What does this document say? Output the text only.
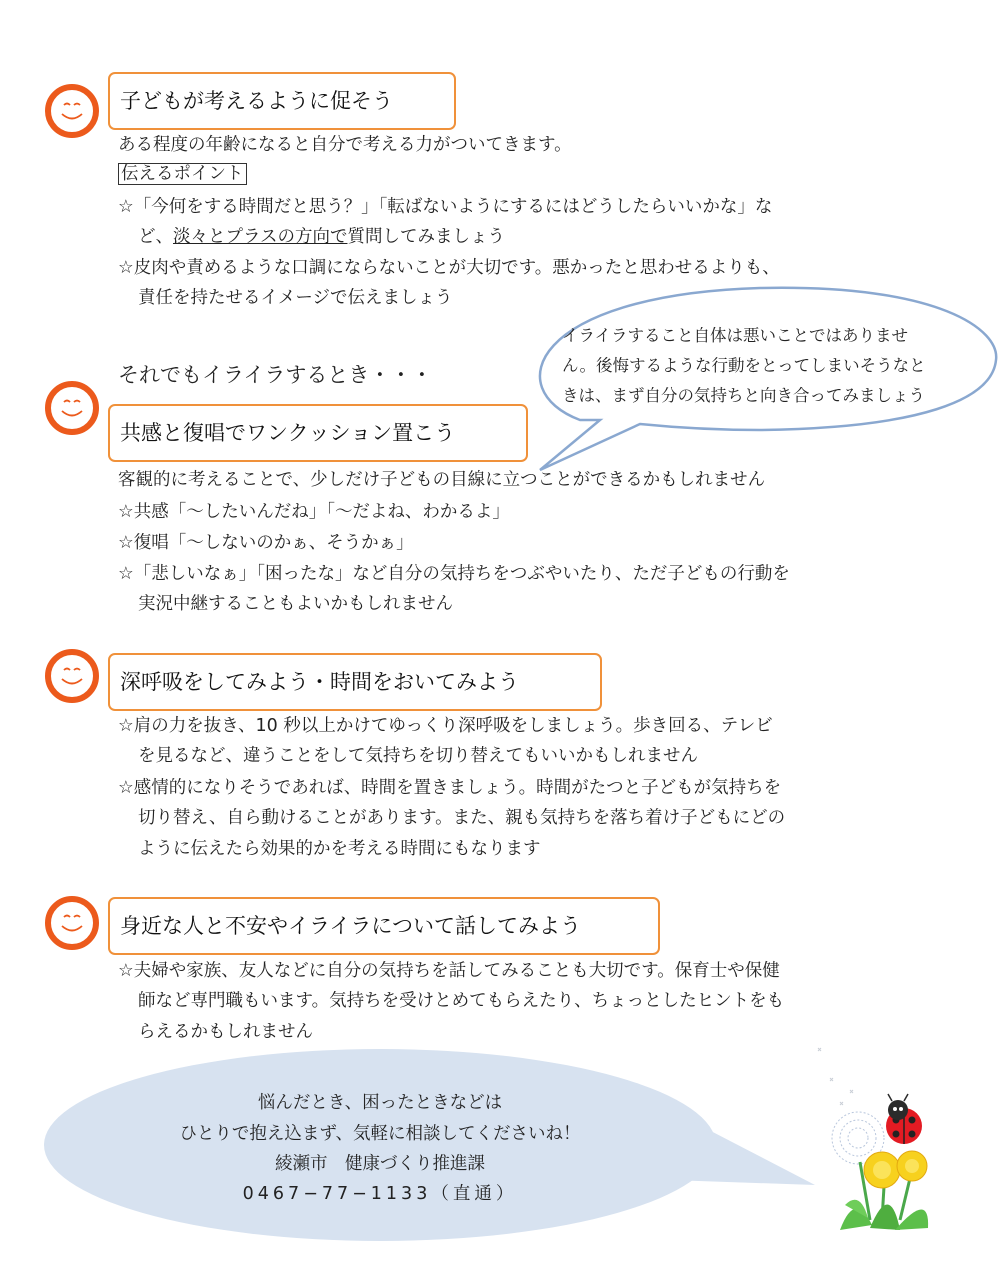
子どもが考えるように促そう
ある程度の年齢になると自分で考える力がついてきます。
伝えるポイント
☆「今何をする時間だと思う？」「転ばないようにするにはどうしたらいいかな」な
ど、淡々とプラスの方向で質問してみましょう
☆皮肉や責めるような口調にならないことが大切です。悪かったと思わせるよりも、
責任を持たせるイメージで伝えましょう
イライラすること自体は悪いことではありませ
ん。後悔するような行動をとってしまいそうなと
きは、まず自分の気持ちと向き合ってみましょう
それでもイライラするとき・・・
共感と復唱でワンクッション置こう
客観的に考えることで、少しだけ子どもの目線に立つことができるかもしれません
☆共感「～したいんだね」「～だよね、わかるよ」
☆復唱「～しないのかぁ、そうかぁ」
☆「悲しいなぁ」「困ったな」など自分の気持ちをつぶやいたり、ただ子どもの行動を
実況中継することもよいかもしれません
深呼吸をしてみよう・時間をおいてみよう
☆肩の力を抜き、10 秒以上かけてゆっくり深呼吸をしましょう。歩き回る、テレビ
を見るなど、違うことをして気持ちを切り替えてもいいかもしれません
☆感情的になりそうであれば、時間を置きましょう。時間がたつと子どもが気持ちを
切り替え、自ら動けることがあります。また、親も気持ちを落ち着け子どもにどの
ように伝えたら効果的かを考える時間にもなります
身近な人と不安やイライラについて話してみよう
☆夫婦や家族、友人などに自分の気持ちを話してみることも大切です。保育士や保健
師など専門職もいます。気持ちを受けとめてもらえたり、ちょっとしたヒントをも
らえるかもしれません
悩んだとき、困ったときなどは
ひとりで抱え込まず、気軽に相談してくださいね！
綾瀬市　健康づくり推進課
0467−77−1133（直通）
